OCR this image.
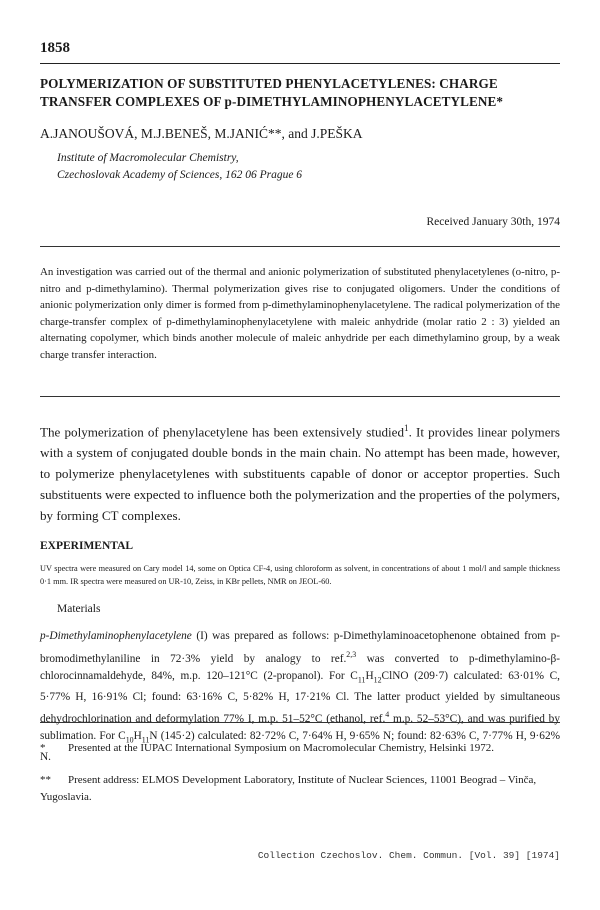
1858
POLYMERIZATION OF SUBSTITUTED PHENYLACETYLENES: CHARGE TRANSFER COMPLEXES OF p-DIMETHYLAMINOPHENYLACETYLENE*
A.JANOUŠOVÁ, M.J.BENEŠ, M.JANIĆ**, and J.PEŠKA
Institute of Macromolecular Chemistry,
Czechoslovak Academy of Sciences, 162 06 Prague 6
Received January 30th, 1974
An investigation was carried out of the thermal and anionic polymerization of substituted phenylacetylenes (o-nitro, p-nitro and p-dimethylamino). Thermal polymerization gives rise to conjugated oligomers. Under the conditions of anionic polymerization only dimer is formed from p-dimethylaminophenylacetylene. The radical polymerization of the charge-transfer complex of p-dimethylaminophenylacetylene with maleic anhydride (molar ratio 2 : 3) yielded an alternating copolymer, which binds another molecule of maleic anhydride per each dimethylamino group, by a weak charge transfer interaction.
The polymerization of phenylacetylene has been extensively studied$^1$. It provides linear polymers with a system of conjugated double bonds in the main chain. No attempt has been made, however, to polymerize phenylacetylenes with substituents capable of donor or acceptor properties. Such substituents were expected to influence both the polymerization and the properties of the polymers, by forming CT complexes.
EXPERIMENTAL
UV spectra were measured on Cary model 14, some on Optica CF-4, using chloroform as solvent, in concentrations of about 1 mol/l and sample thickness 0·1 mm. IR spectra were measured on UR-10, Zeiss, in KBr pellets, NMR on JEOL-60.
Materials
p-Dimethylaminophenylacetylene (I) was prepared as follows: p-Dimethylaminoacetophenone obtained from p-bromodimethylaniline in 72·3% yield by analogy to ref.$^{2,3}$ was converted to p-dimethylamino-β-chlorocinnamaldehyde, 84%, m.p. 120–121°C (2-propanol). For $C_{11}H_{12}ClNO$ (209·7) calculated: 63·01% C, 5·77% H, 16·91% Cl; found: 63·16% C, 5·82% H, 17·21% Cl. The latter product yielded by simultaneous dehydrochlorination and deformylation 77% I, m.p. 51–52°C (ethanol, ref.$^4$ m.p. 52–53°C), and was purified by sublimation. For $C_{10}H_{11}N$ (145·2) calculated: 82·72% C, 7·64% H, 9·65% N; found: 82·63% C, 7·77% H, 9·62% N.
* Presented at the IUPAC International Symposium on Macromolecular Chemistry, Helsinki 1972.
** Present address: ELMOS Development Laboratory, Institute of Nuclear Sciences, 11001 Beograd – Vinča, Yugoslavia.
Collection Czechoslov. Chem. Commun. [Vol. 39] [1974]
